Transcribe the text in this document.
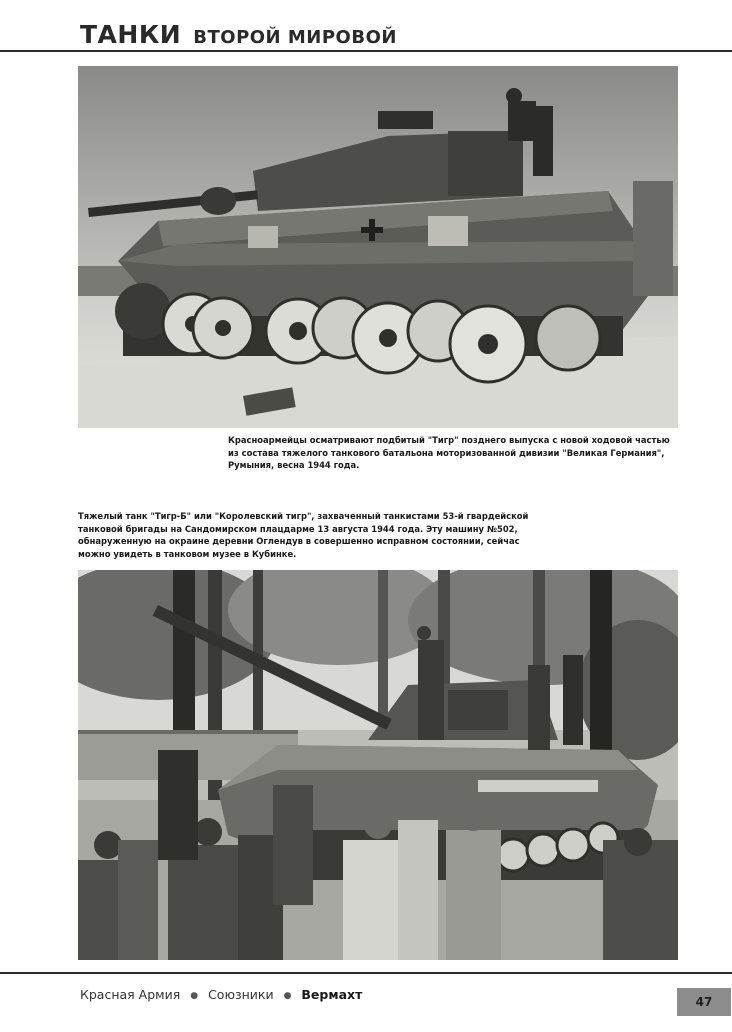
ТАНКИ ВТОРОЙ МИРОВОЙ
Красноармейцы осматривают подбитый "Тигр" позднего выпуска с новой ходовой частью
из состава тяжелого танкового батальона моторизованной дивизии "Великая Германия",
Румыния, весна 1944 года.
Тяжелый танк "Тигр-Б" или "Королевский тигр", захваченный танкистами 53-й гвардейской
танковой бригады на Сандомирском плацдарме 13 августа 1944 года. Эту машину №502,
обнаруженную на окраине деревни Оглендув в совершенно исправном состоянии, сейчас
можно увидеть в танковом музее в Кубинке.
Красная Армия ● Союзники ● Вермахт	47
